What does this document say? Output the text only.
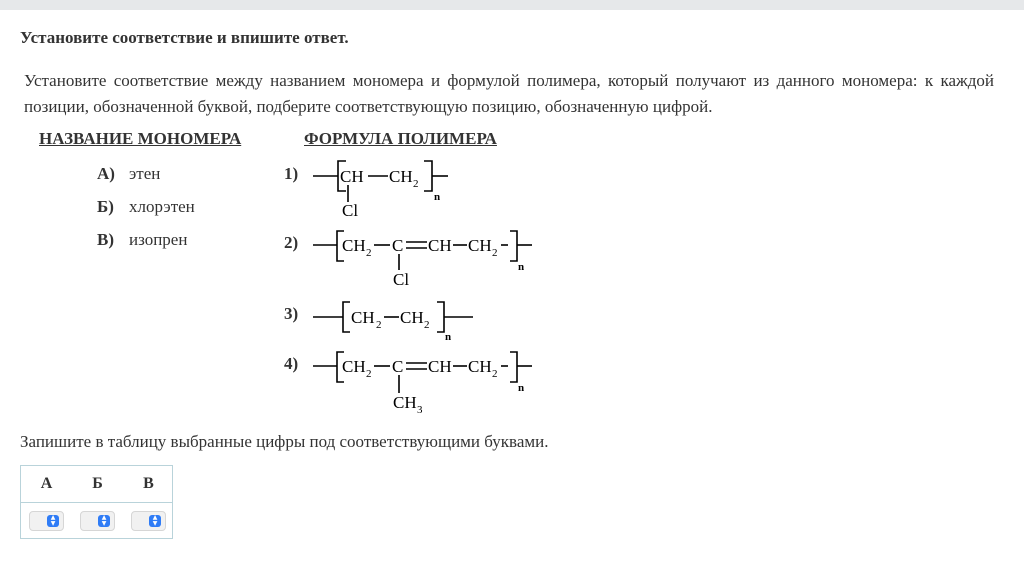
Установите соответствие и впишите ответ.
Установите соответствие между названием мономера и формулой полимера, который получают из данного мономера: к каждой позиции, обозначенной буквой, подберите соответствующую позицию, обозначенную цифрой.
НАЗВАНИЕ МОНОМЕРА	ФОРМУЛА ПОЛИМЕРА
А) этен
Б) хлорэтен
В) изопрен
1) CH CH 2
n
Cl
2)	CH 2 C CH CH 2
n
Cl
3)	CH 2 CH 2
n
4)	CH 2 C CH CH 2
n
CH 3
Запишите в таблицу выбранные цифры под соответствующими буквами.
А	Б	В
▲
▼
▲
▼
▲
▼
